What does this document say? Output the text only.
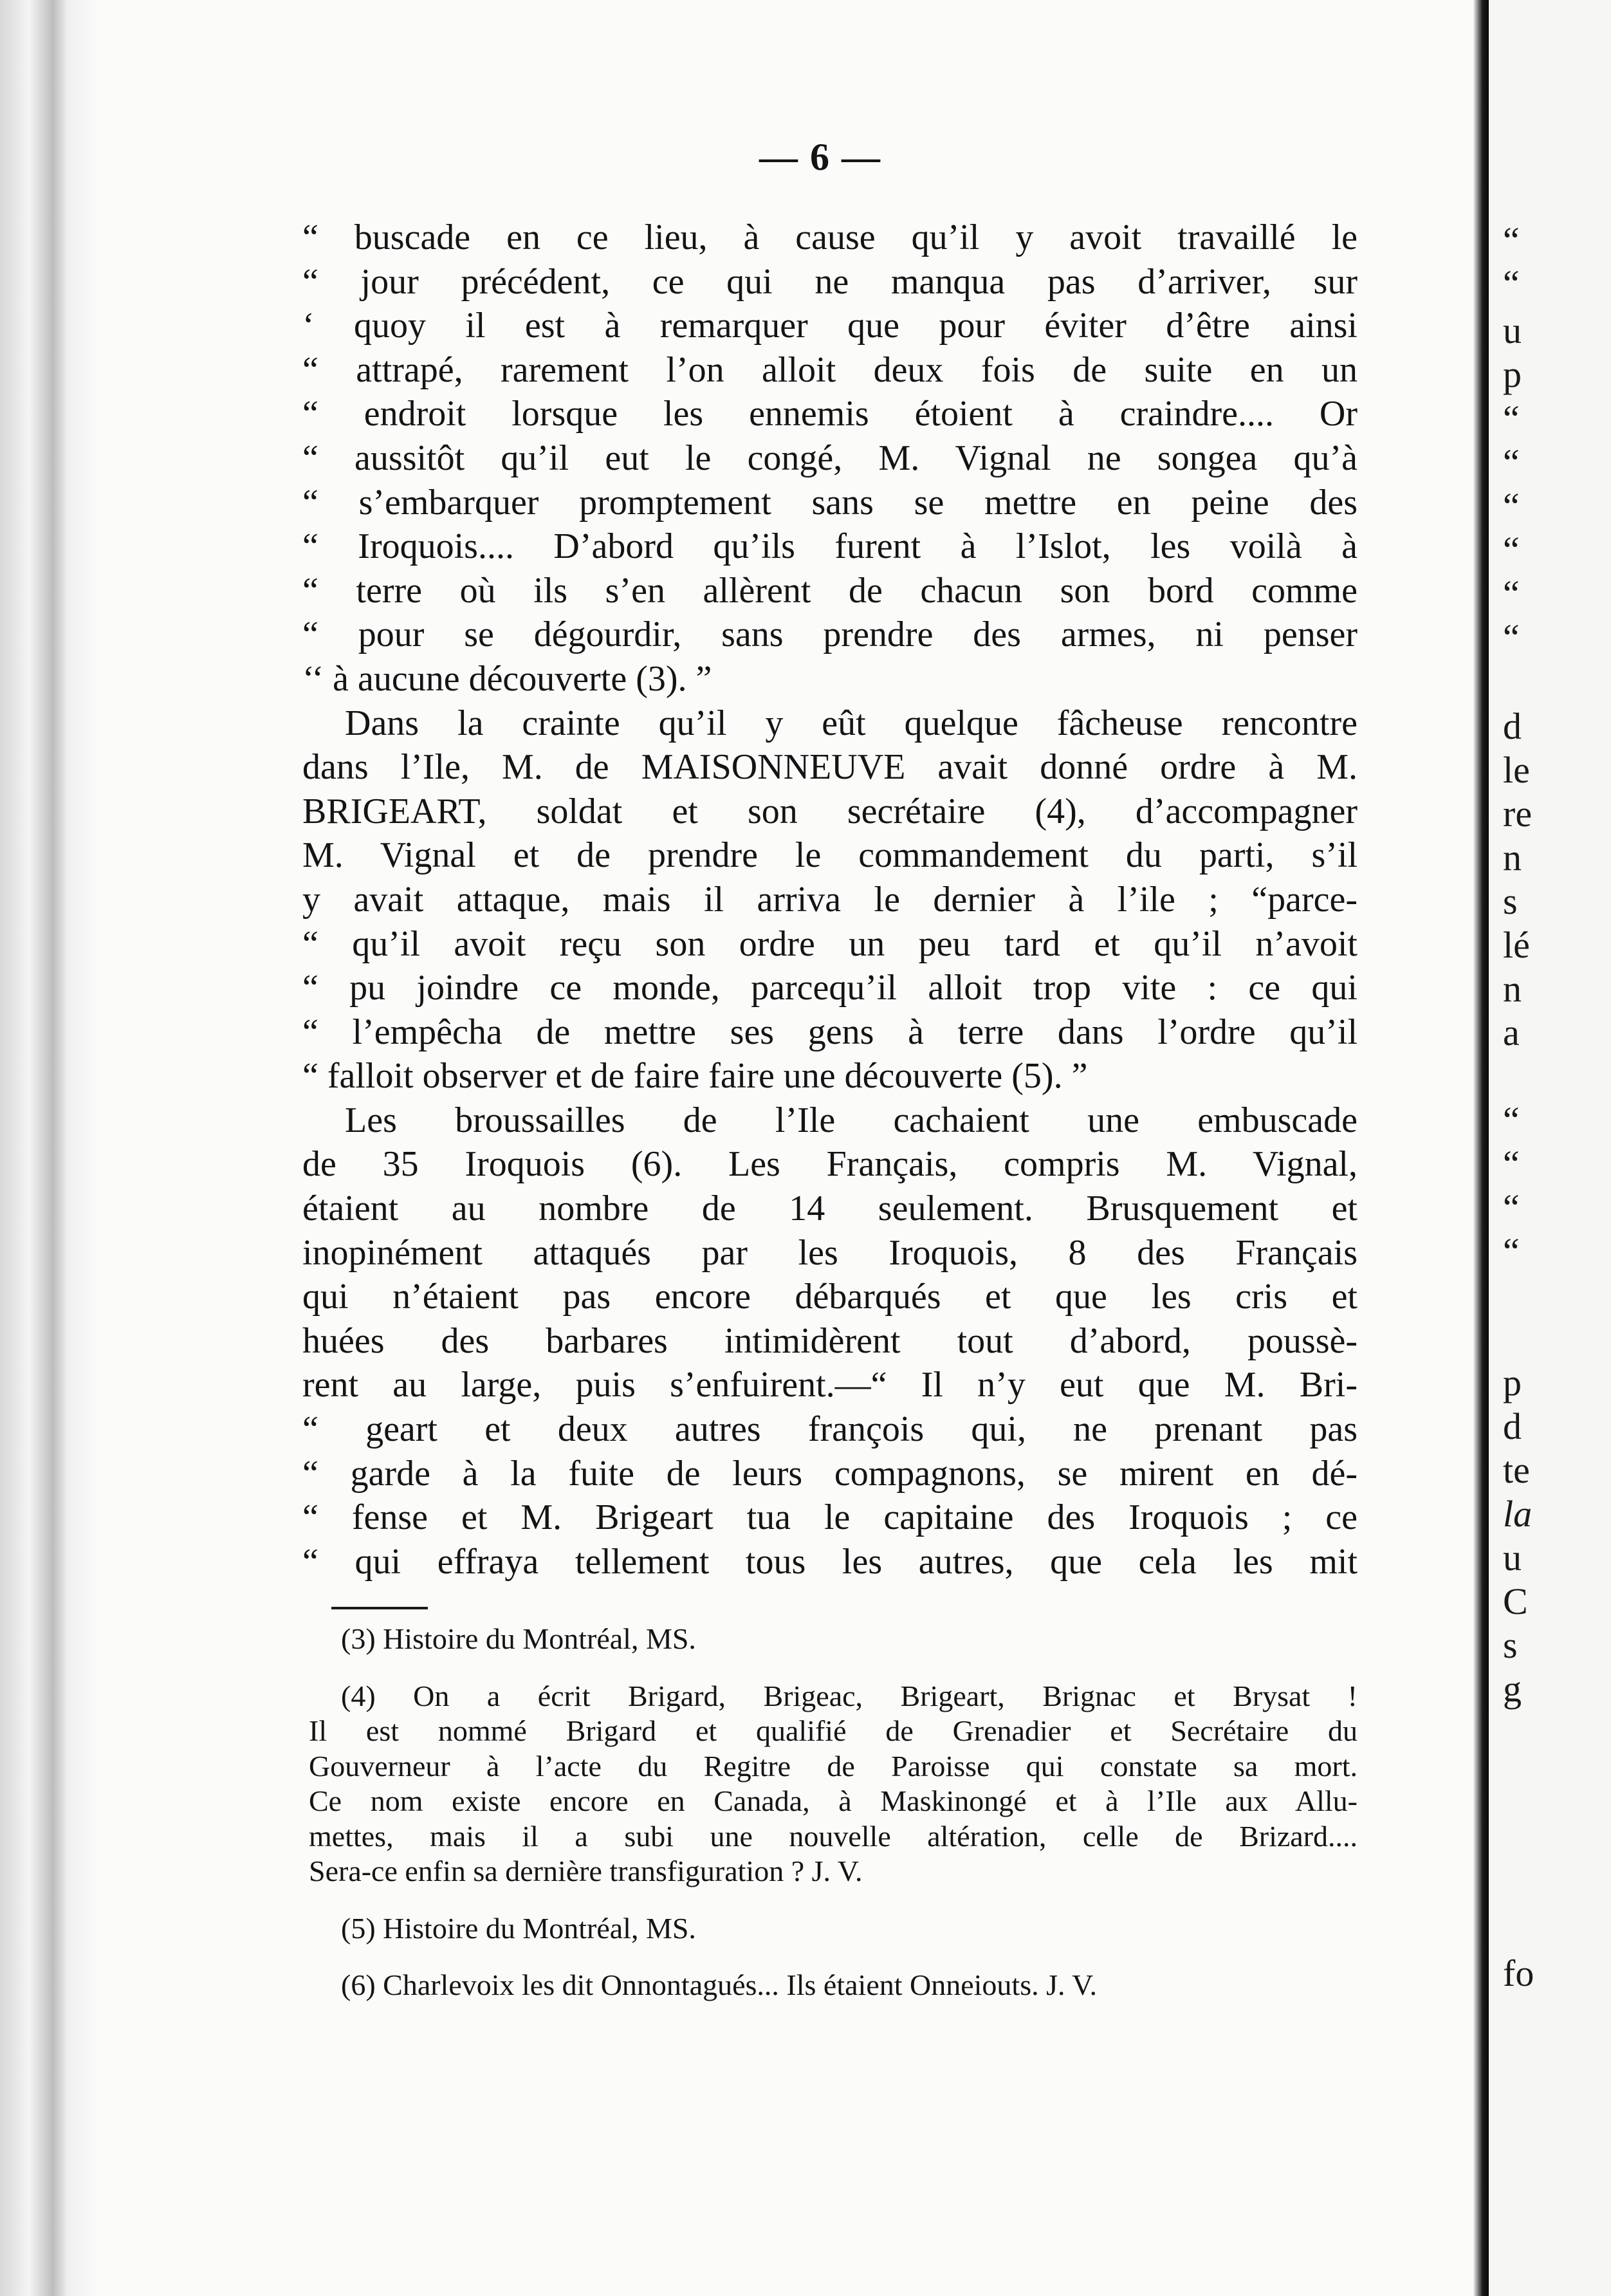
— 6 —
“ buscade en ce lieu, à cause qu’il y avoit travaillé le
“ jour précédent, ce qui ne manqua pas d’arriver, sur
‘ quoy il est à remarquer que pour éviter d’être ainsi
“ attrapé, rarement l’on alloit deux fois de suite en un
“ endroit lorsque les ennemis étoient à craindre.... Or
“ aussitôt qu’il eut le congé, M. Vignal ne songea qu’à
“ s’embarquer promptement sans se mettre en peine des
“ Iroquois.... D’abord qu’ils furent à l’Islot, les voilà à
“ terre où ils s’en allèrent de chacun son bord comme
“ pour se dégourdir, sans prendre des armes, ni penser
‘‘ à aucune découverte (3). ”
Dans la crainte qu’il y eût quelque fâcheuse rencontre
dans l’Ile, M. de MAISONNEUVE avait donné ordre à M.
BRIGEART, soldat et son secrétaire (4), d’accompagner
M. Vignal et de prendre le commandement du parti, s’il
y avait attaque, mais il arriva le dernier à l’ile ; “parce-
“ qu’il avoit reçu son ordre un peu tard et qu’il n’avoit
“ pu joindre ce monde, parcequ’il alloit trop vite : ce qui
“ l’empêcha de mettre ses gens à terre dans l’ordre qu’il
“ falloit observer et de faire faire une découverte (5). ”
Les broussailles de l’Ile cachaient une embuscade
de 35 Iroquois (6). Les Français, compris M. Vignal,
étaient au nombre de 14 seulement. Brusquement et
inopinément attaqués par les Iroquois, 8 des Français
qui n’étaient pas encore débarqués et que les cris et
huées des barbares intimidèrent tout d’abord, poussè-
rent au large, puis s’enfuirent.—“ Il n’y eut que M. Bri-
“ geart et deux autres françois qui, ne prenant pas
“ garde à la fuite de leurs compagnons, se mirent en dé-
“ fense et M. Brigeart tua le capitaine des Iroquois ; ce
“ qui effraya tellement tous les autres, que cela les mit
(3) Histoire du Montréal, MS.
(4) On a écrit Brigard, Brigeac, Brigeart, Brignac et Brysat !
Il est nommé Brigard et qualifié de Grenadier et Secrétaire du
Gouverneur à l’acte du Regitre de Paroisse qui constate sa mort.
Ce nom existe encore en Canada, à Maskinongé et à l’Ile aux Allu-
mettes, mais il a subi une nouvelle altération, celle de Brizard....
Sera-ce enfin sa dernière transfiguration ? J. V.
(5) Histoire du Montréal, MS.
(6) Charlevoix les dit Onnontagués... Ils étaient Onneiouts. J. V.
“
“
u
p
“
“
“
“
“
“
d
le
re
n
s
lé
n
a
“
“
“
“
p
d
te
la
u
C
s
g
fo
